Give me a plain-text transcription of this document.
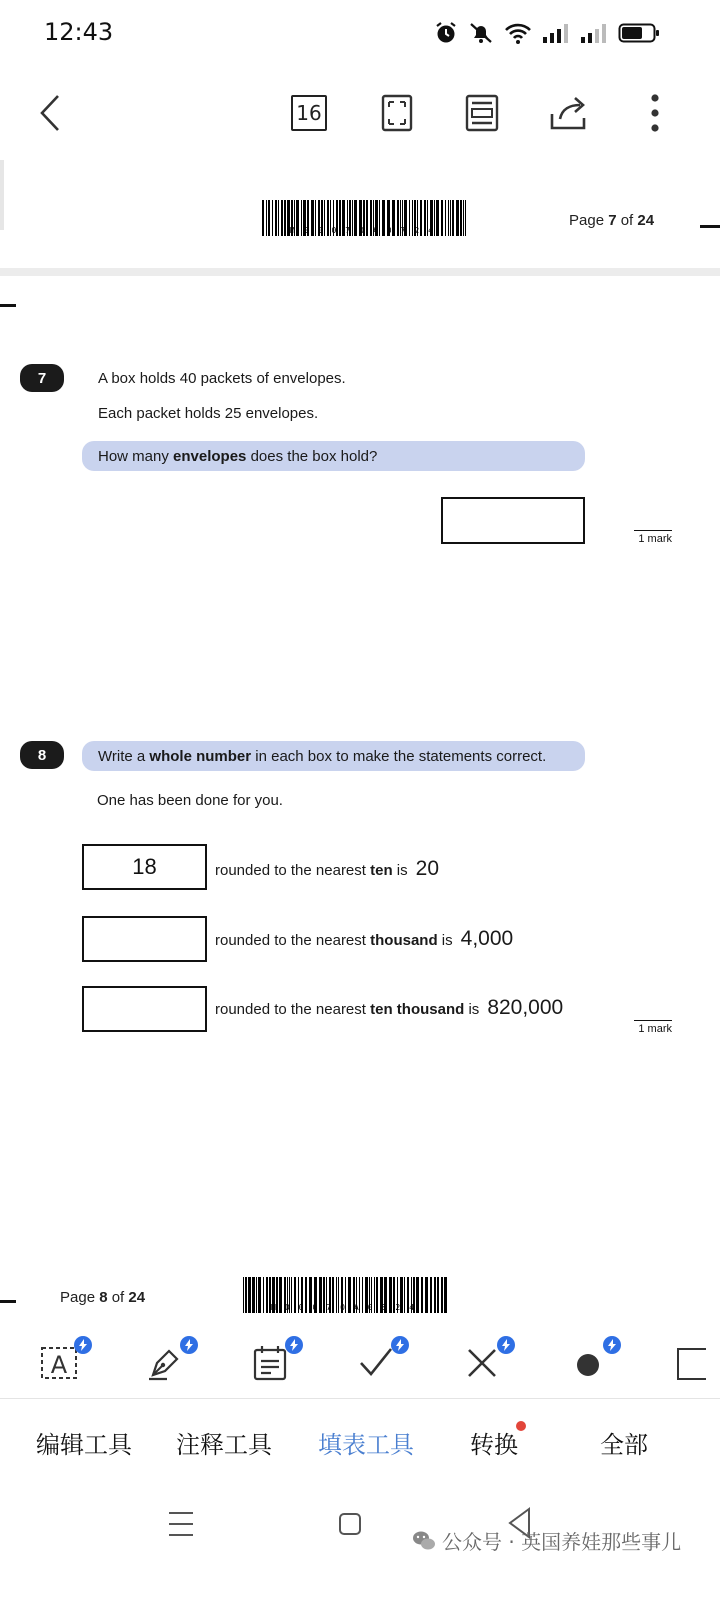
12:43
16
M00070A0724
Page 7 of 24
7	A box holds 40 packets of envelopes.
Each packet holds 25 envelopes.
How many
envelopes
does the box hold?
1 mark
8	Write a
whole number
in each box to make the statements correct.
One has been done for you.
18	rounded to the nearest
ten
is 20
rounded to the nearest
thousand
is 4,000
rounded to the nearest
ten thousand
is 820,000
1 mark
Page 8 of 24
M00070A0824
A
编辑工具 注释工具 填表工具 转换	全部
公众号 · 英国养娃那些事儿
